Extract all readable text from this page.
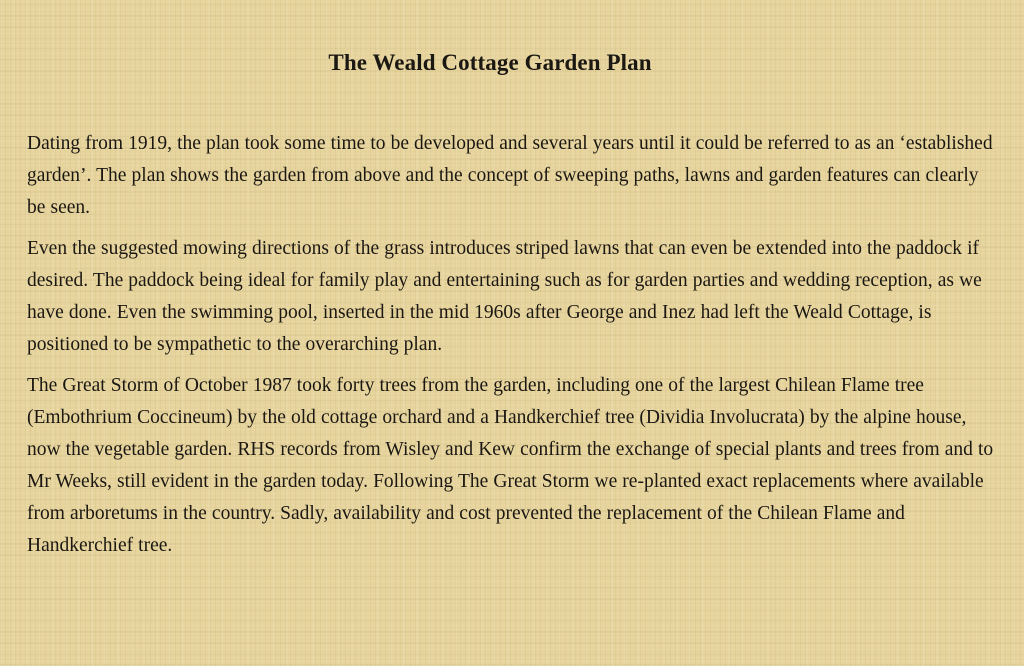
The Weald Cottage Garden Plan

Dating from 1919, the plan took some time to be developed and several years until it could be referred to as an ‘established garden’. The plan shows the garden from above and the concept of sweeping paths, lawns and garden features can clearly be seen.

Even the suggested mowing directions of the grass introduces striped lawns that can even be extended into the paddock if desired. The paddock being ideal for family play and entertaining such as for garden parties and wedding reception, as we have done. Even the swimming pool, inserted in the mid 1960s after George and Inez had left the Weald Cottage, is positioned to be sympathetic to the overarching plan.

The Great Storm of October 1987 took forty trees from the garden, including one of the largest Chilean Flame tree (Embothrium Coccineum) by the old cottage orchard and a Handkerchief tree (Dividia Involucrata) by the alpine house, now the vegetable garden. RHS records from Wisley and Kew confirm the exchange of special plants and trees from and to Mr Weeks, still evident in the garden today. Following The Great Storm we re-planted exact replacements where available from arboretums in the country. Sadly, availability and cost prevented the replacement of the Chilean Flame and Handkerchief tree.
